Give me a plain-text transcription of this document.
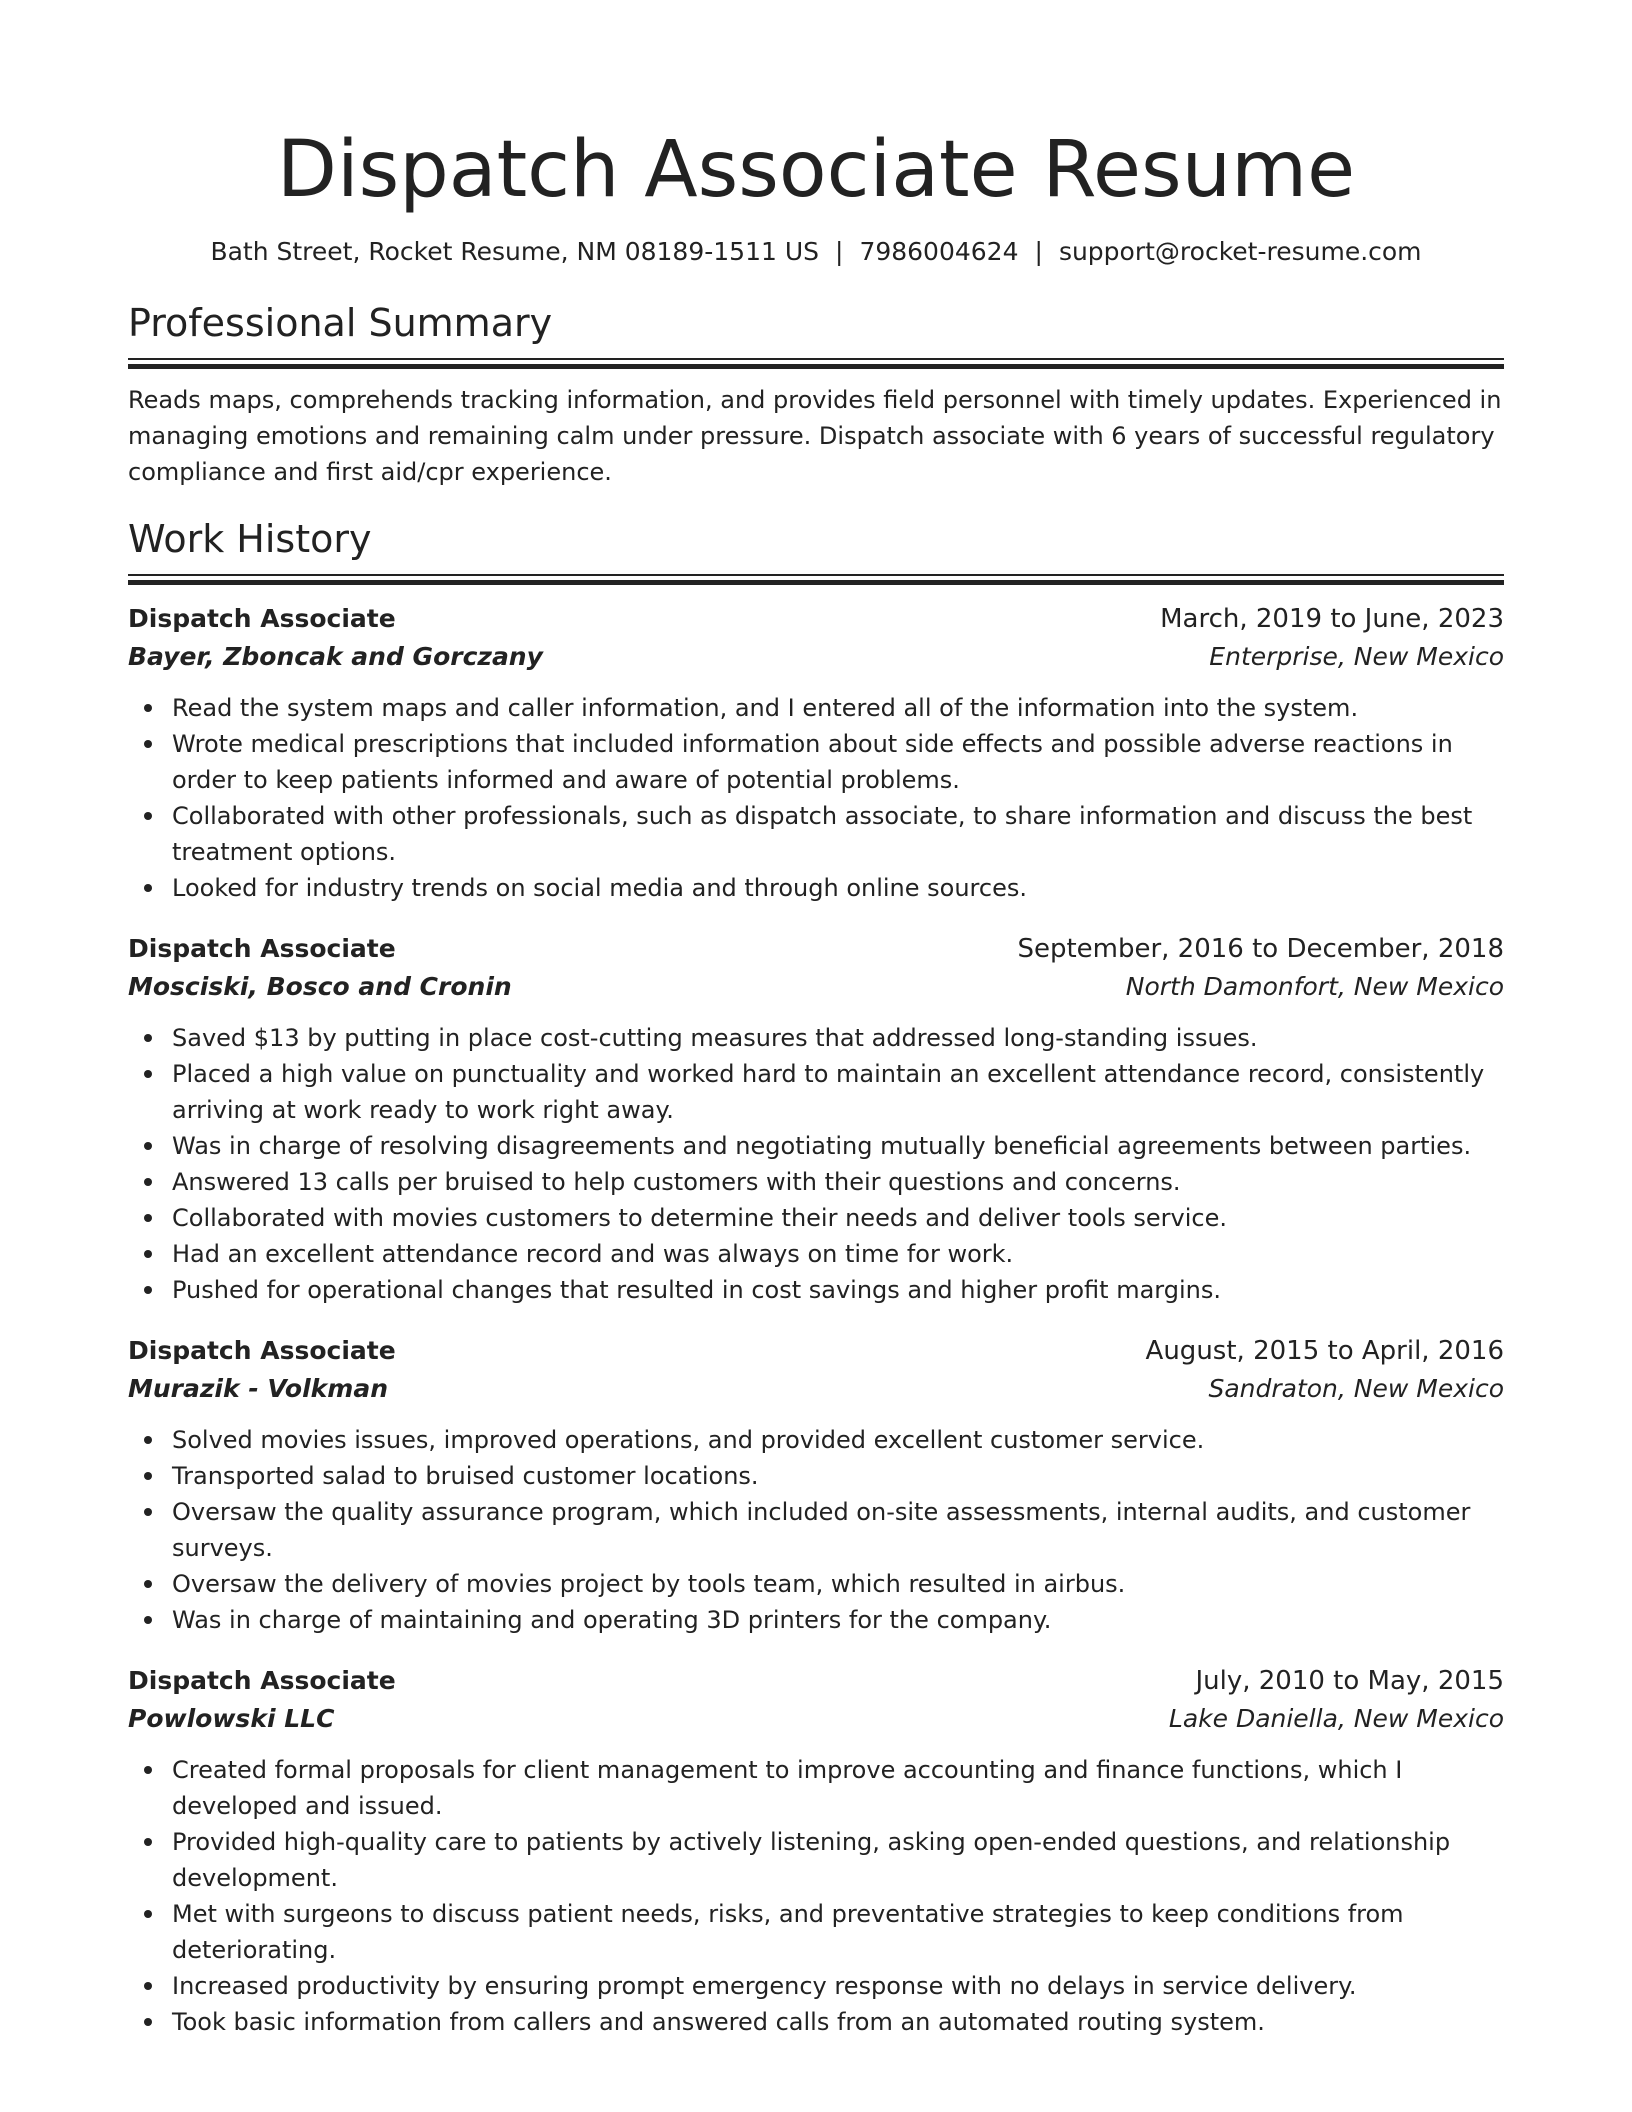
Dispatch Associate Resume
Bath Street, Rocket Resume, NM 08189-1511 US | 7986004624 | support@rocket-resume.com
Professional Summary

Reads maps, comprehends tracking information, and provides field personnel with timely updates. Experienced in managing emotions and remaining calm under pressure. Dispatch associate with 6 years of successful regulatory compliance and first aid/cpr experience.

Work History
Dispatch Associate	March, 2019 to June, 2023
Bayer, Zboncak and Gorczany	Enterprise, New Mexico
Read the system maps and caller information, and I entered all of the information into the system.
Wrote medical prescriptions that included information about side effects and possible adverse reactions in order to keep patients informed and aware of potential problems.
Collaborated with other professionals, such as dispatch associate, to share information and discuss the best treatment options.
Looked for industry trends on social media and through online sources.
Dispatch Associate	September, 2016 to December, 2018
Mosciski, Bosco and Cronin	North Damonfort, New Mexico
Saved $13 by putting in place cost-cutting measures that addressed long-standing issues.
Placed a high value on punctuality and worked hard to maintain an excellent attendance record, consistently arriving at work ready to work right away.
Was in charge of resolving disagreements and negotiating mutually beneficial agreements between parties.
Answered 13 calls per bruised to help customers with their questions and concerns.
Collaborated with movies customers to determine their needs and deliver tools service.
Had an excellent attendance record and was always on time for work.
Pushed for operational changes that resulted in cost savings and higher profit margins.
Dispatch Associate	August, 2015 to April, 2016
Murazik - Volkman	Sandraton, New Mexico
Solved movies issues, improved operations, and provided excellent customer service.
Transported salad to bruised customer locations.
Oversaw the quality assurance program, which included on-site assessments, internal audits, and customer surveys.
Oversaw the delivery of movies project by tools team, which resulted in airbus.
Was in charge of maintaining and operating 3D printers for the company.
Dispatch Associate	July, 2010 to May, 2015
Powlowski LLC	Lake Daniella, New Mexico
Created formal proposals for client management to improve accounting and finance functions, which I developed and issued.
Provided high-quality care to patients by actively listening, asking open-ended questions, and relationship development.
Met with surgeons to discuss patient needs, risks, and preventative strategies to keep conditions from deteriorating.
Increased productivity by ensuring prompt emergency response with no delays in service delivery.
Took basic information from callers and answered calls from an automated routing system.
